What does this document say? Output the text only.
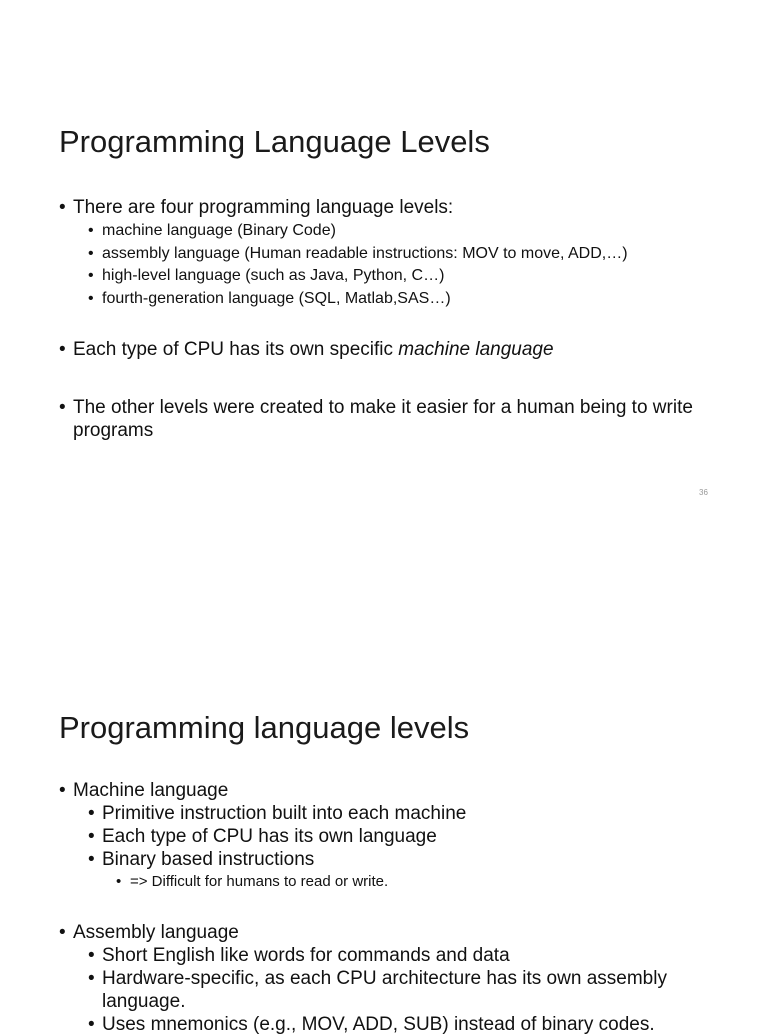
Programming Language Levels
• There are four programming language levels:
• machine language (Binary Code)
• assembly language (Human readable instructions: MOV to move, ADD,…)
• high-level language (such as Java, Python, C…)
• fourth-generation language (SQL, Matlab,SAS…)
• Each type of CPU has its own specific machine language
• The other levels were created to make it easier for a human being to write programs
36
Programming language levels
• Machine language
• Primitive instruction built into each machine
• Each type of CPU has its own language
• Binary based instructions
• => Difficult for humans to read or write.
• Assembly language
• Short English like words for commands and data
• Hardware-specific, as each CPU architecture has its own assembly language.
• Uses mnemonics (e.g., MOV, ADD, SUB) instead of binary codes.
